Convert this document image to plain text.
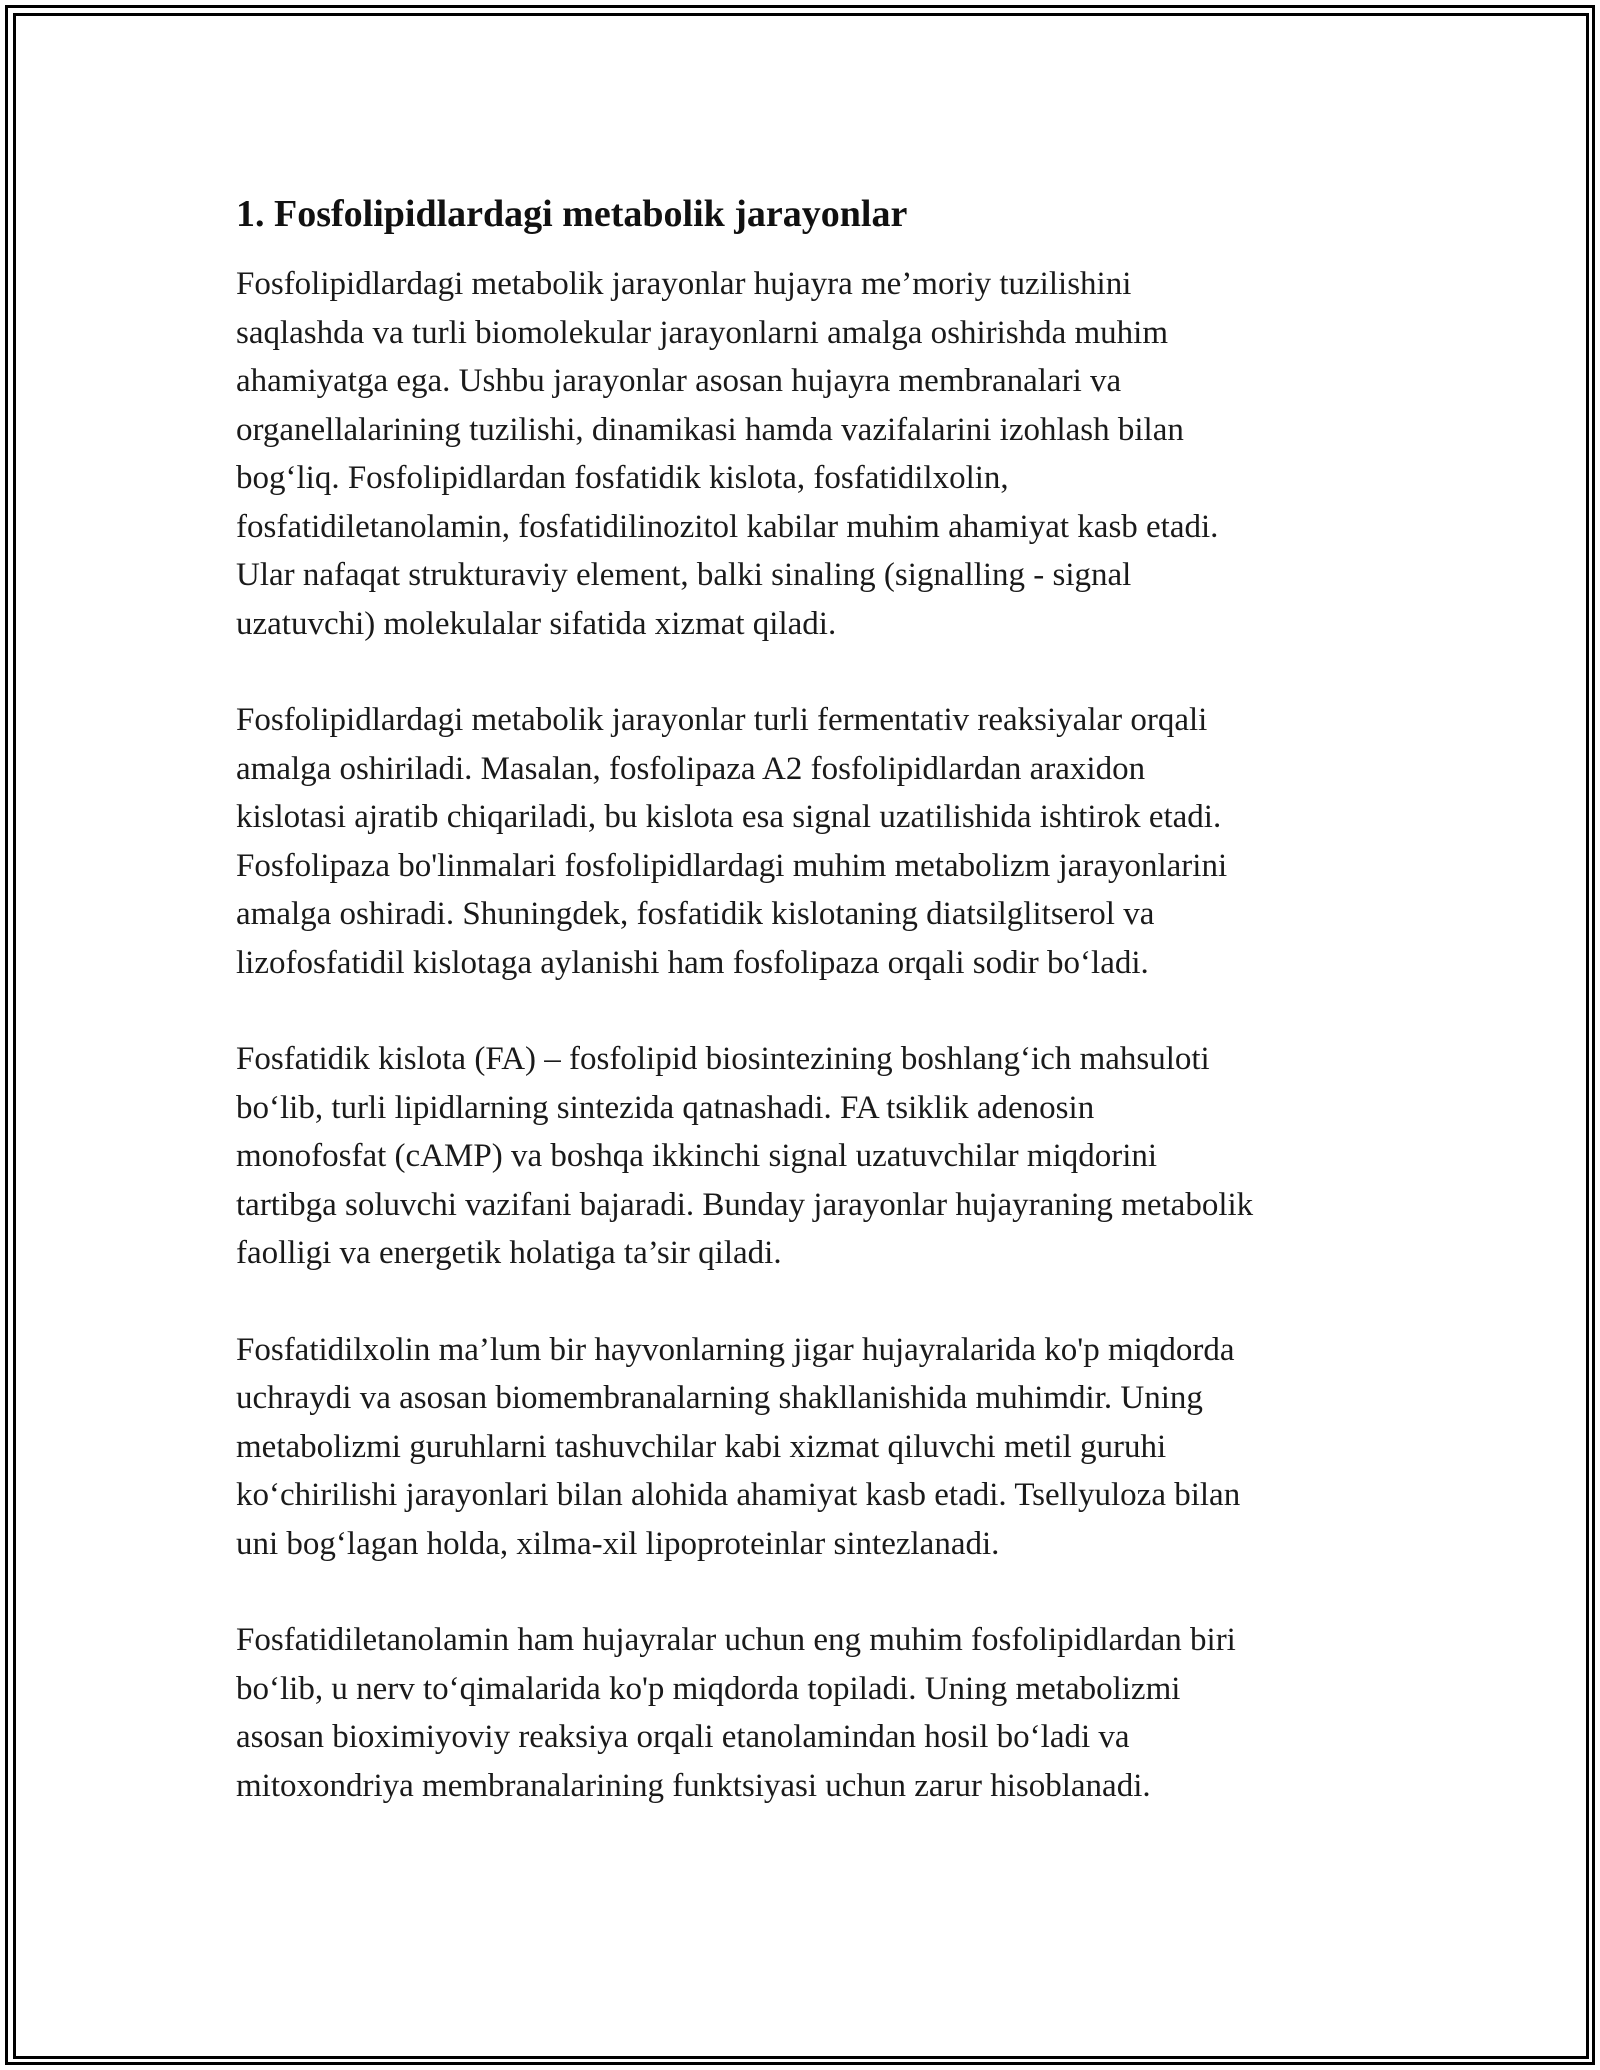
1. Fosfolipidlardagi metabolik jarayonlar

Fosfolipidlardagi metabolik jarayonlar hujayra me’moriy tuzilishini
saqlashda va turli biomolekular jarayonlarni amalga oshirishda muhim
ahamiyatga ega. Ushbu jarayonlar asosan hujayra membranalari va
organellalarining tuzilishi, dinamikasi hamda vazifalarini izohlash bilan
bog‘liq. Fosfolipidlardan fosfatidik kislota, fosfatidilxolin,
fosfatidiletanolamin, fosfatidilinozitol kabilar muhim ahamiyat kasb etadi.
Ular nafaqat strukturaviy element, balki sinaling (signalling - signal
uzatuvchi) molekulalar sifatida xizmat qiladi.

Fosfolipidlardagi metabolik jarayonlar turli fermentativ reaksiyalar orqali
amalga oshiriladi. Masalan, fosfolipaza A2 fosfolipidlardan araxidon
kislotasi ajratib chiqariladi, bu kislota esa signal uzatilishida ishtirok etadi.
Fosfolipaza bo'linmalari fosfolipidlardagi muhim metabolizm jarayonlarini
amalga oshiradi. Shuningdek, fosfatidik kislotaning diatsilglitserol va
lizofosfatidil kislotaga aylanishi ham fosfolipaza orqali sodir bo‘ladi.

Fosfatidik kislota (FA) – fosfolipid biosintezining boshlang‘ich mahsuloti
bo‘lib, turli lipidlarning sintezida qatnashadi. FA tsiklik adenosin
monofosfat (cAMP) va boshqa ikkinchi signal uzatuvchilar miqdorini
tartibga soluvchi vazifani bajaradi. Bunday jarayonlar hujayraning metabolik
faolligi va energetik holatiga ta’sir qiladi.

Fosfatidilxolin ma’lum bir hayvonlarning jigar hujayralarida ko'p miqdorda
uchraydi va asosan biomembranalarning shakllanishida muhimdir. Uning
metabolizmi guruhlarni tashuvchilar kabi xizmat qiluvchi metil guruhi
ko‘chirilishi jarayonlari bilan alohida ahamiyat kasb etadi. Tsellyuloza bilan
uni bog‘lagan holda, xilma-xil lipoproteinlar sintezlanadi.

Fosfatidiletanolamin ham hujayralar uchun eng muhim fosfolipidlardan biri
bo‘lib, u nerv to‘qimalarida ko'p miqdorda topiladi. Uning metabolizmi
asosan bioximiyoviy reaksiya orqali etanolamindan hosil bo‘ladi va
mitoxondriya membranalarining funktsiyasi uchun zarur hisoblanadi.
